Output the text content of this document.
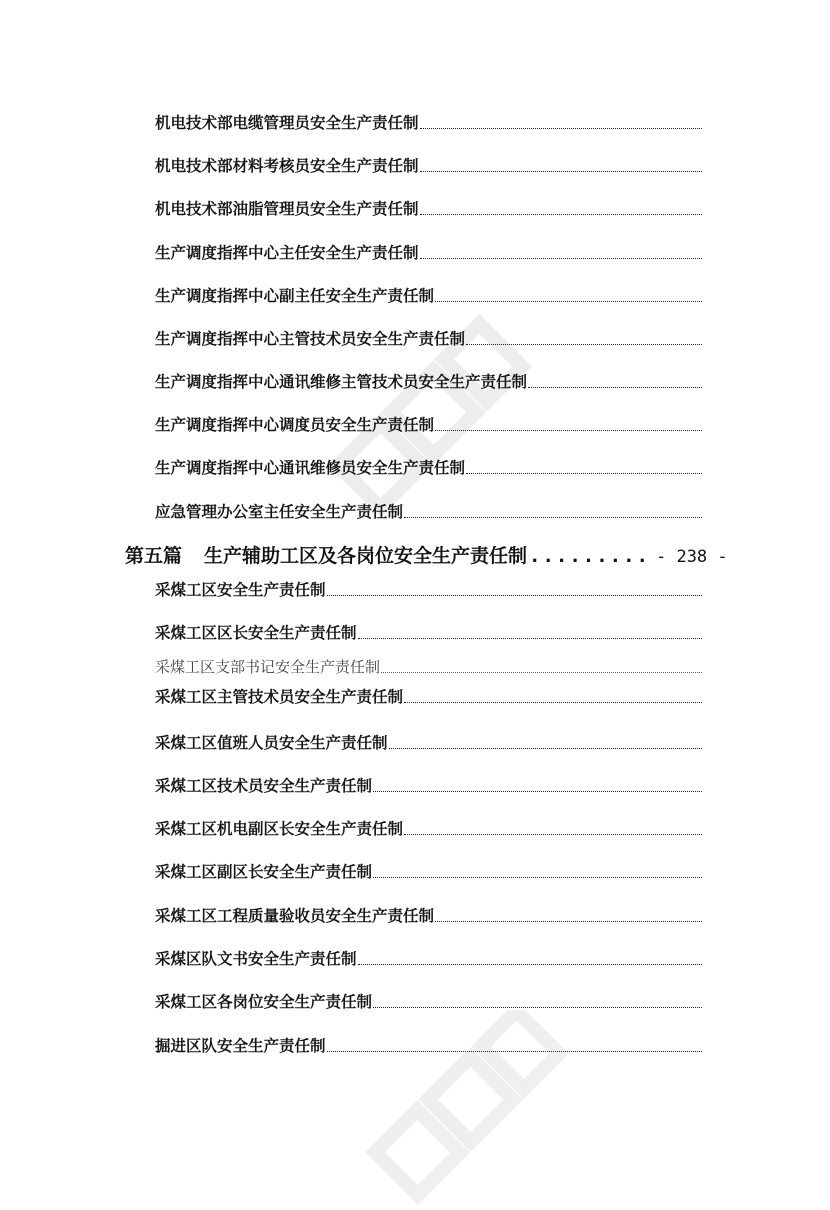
机电技术部电缆管理员安全生产责任制
机电技术部材料考核员安全生产责任制
机电技术部油脂管理员安全生产责任制
生产调度指挥中心主任安全生产责任制
生产调度指挥中心副主任安全生产责任制
生产调度指挥中心主管技术员安全生产责任制
生产调度指挥中心通讯维修主管技术员安全生产责任制
生产调度指挥中心调度员安全生产责任制
生产调度指挥中心通讯维修员安全生产责任制
应急管理办公室主任安全生产责任制
第五篇 生产辅助工区及各岗位安全生产责任制 ......... - 238 -
采煤工区安全生产责任制
采煤工区区长安全生产责任制
采煤工区支部书记安全生产责任制
采煤工区主管技术员安全生产责任制
采煤工区值班人员安全生产责任制
采煤工区技术员安全生产责任制
采煤工区机电副区长安全生产责任制
采煤工区副区长安全生产责任制
采煤工区工程质量验收员安全生产责任制
采煤区队文书安全生产责任制
采煤工区各岗位安全生产责任制
掘进区队安全生产责任制
